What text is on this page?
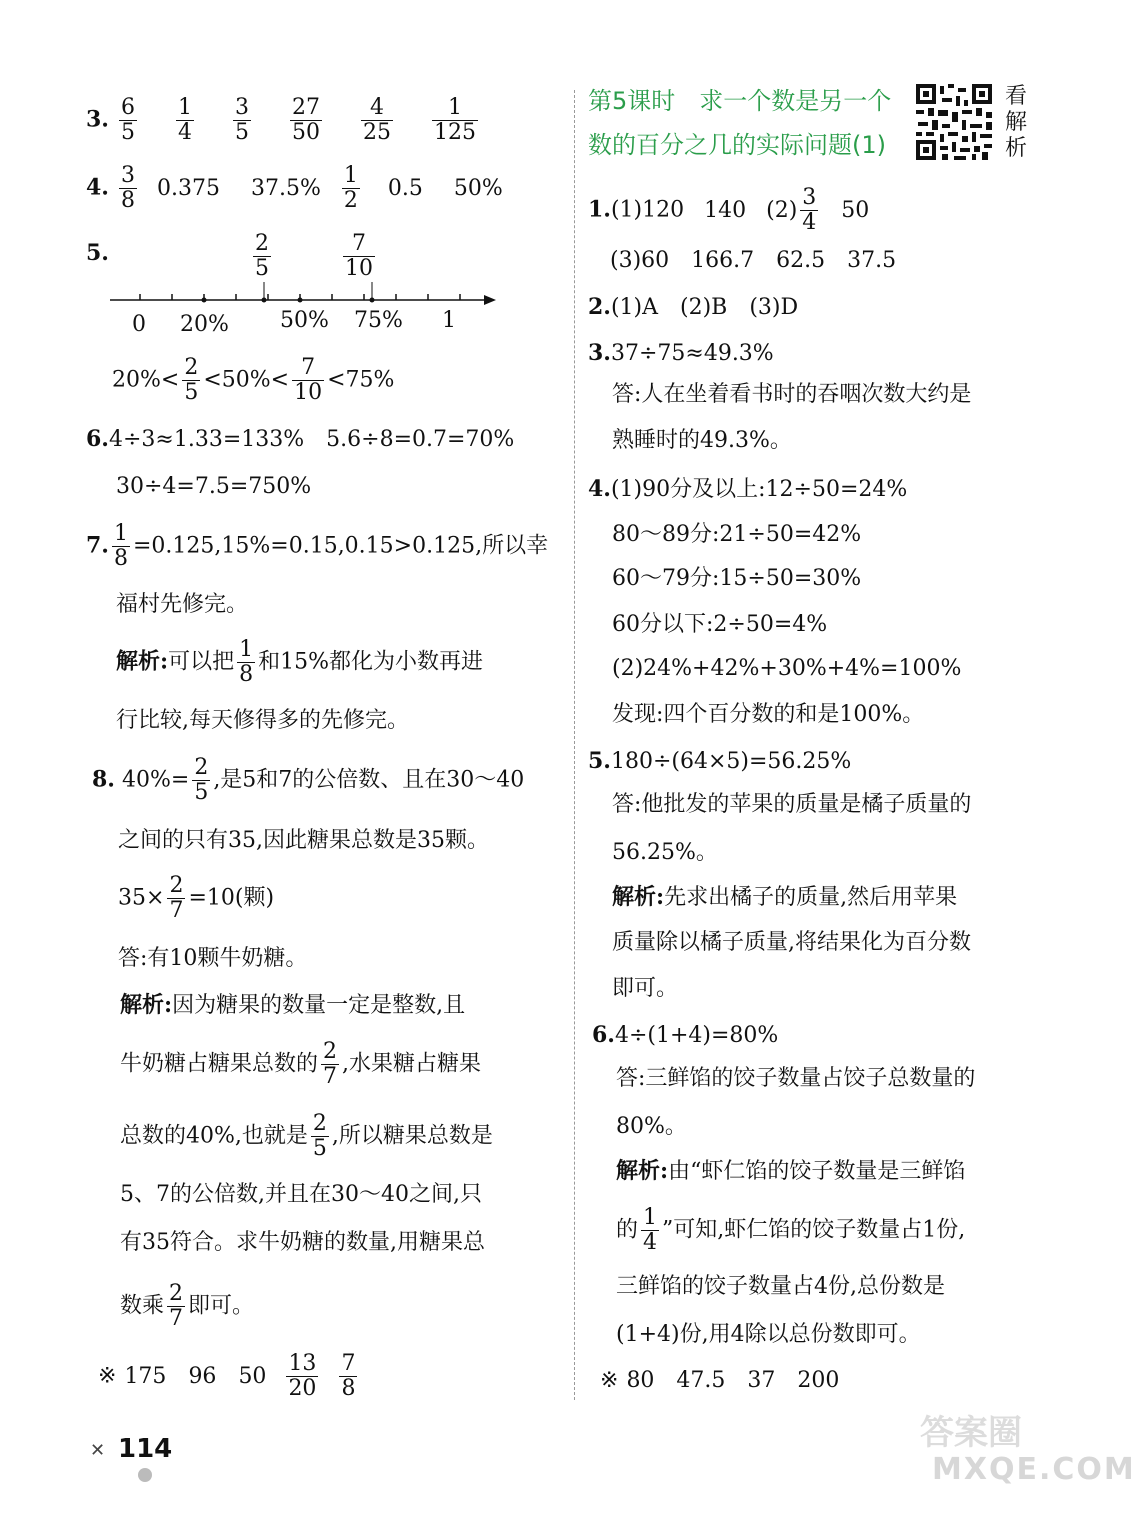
3. $\frac{6}{5}$
$\frac{1}{4}$
$\frac{3}{5}$
$\frac{27}{50}$
$\frac{4}{25}$
$\frac{1}{125}$
4. $\frac{3}{8} 0.375$ $37.5\% \frac{1}{2} 0.5$ 50%
5.	$\frac{2}{5}$	$\frac{7}{10}$
0 20% 50% 75% 1
$20\%< \frac{2}{5} <50\%< \frac{7}{10} <75\%$
6.4÷3≈1.33=133% 5.6÷8=0.7=70%
30÷4=7.5=750%
7. $\frac{1}{8} =0.125,15\%=0.15,0.15>0.125$,所以幸
福村先修完。
解析:可以把 $\frac{1}{8}$ 和15%都化为小数再进
行比较,每天修得多的先修完。
8. $40\%= \frac{2}{5}$ ,是5和7的公倍数、且在30～40
之间的只有35,因此糖果总数是35颗。
$35\times \frac{2}{7} =10$(颗)
答:有10颗牛奶糖。
解析:因为糖果的数量一定是整数,且
牛奶糖占糖果总数的 $\frac{2}{7}$ ,水果糖占糖果
总数的40%,也就是 $\frac{2}{5}$ ,所以糖果总数是
5、7的公倍数,并且在30～40之间,只
有35符合。求牛奶糖的数量,用糖果总
数乘 $\frac{2}{7}$ 即可。
※ 175 96 $50 \frac{13}{20} \frac{7}{8}$
✕ 114
第5课时　求一个数是另一个
数的百分之几的实际问题(1)
看
解
析
1.(1)120 140 $(2) \frac{3}{4} 50$
(3)60　166.7　62.5　37.5
2.(1)A　(2)B　(3)D
3.37÷75≈49.3%
答:人在坐着看书时的吞咽次数大约是
熟睡时的49.3%。
4.(1)90分及以上:12÷50=24%
80～89分:21÷50=42%
60～79分:15÷50=30%
60分以下:2÷50=4%
(2)24%+42%+30%+4%=100%
发现:四个百分数的和是100%。
5.180÷(64×5)=56.25%
答:他批发的苹果的质量是橘子质量的
56.25%。
解析:先求出橘子的质量,然后用苹果
质量除以橘子质量,将结果化为百分数
即可。
6.4÷(1+4)=80%
答:三鲜馅的饺子数量占饺子总数量的
80%。
解析:由“虾仁馅的饺子数量是三鲜馅
的 $\frac{1}{4}$ ”可知,虾仁馅的饺子数量占1份,
三鲜馅的饺子数量占4份,总份数是
(1+4)份,用4除以总份数即可。
※ 80　47.5　37　200
答案圈
MXQE.COM
